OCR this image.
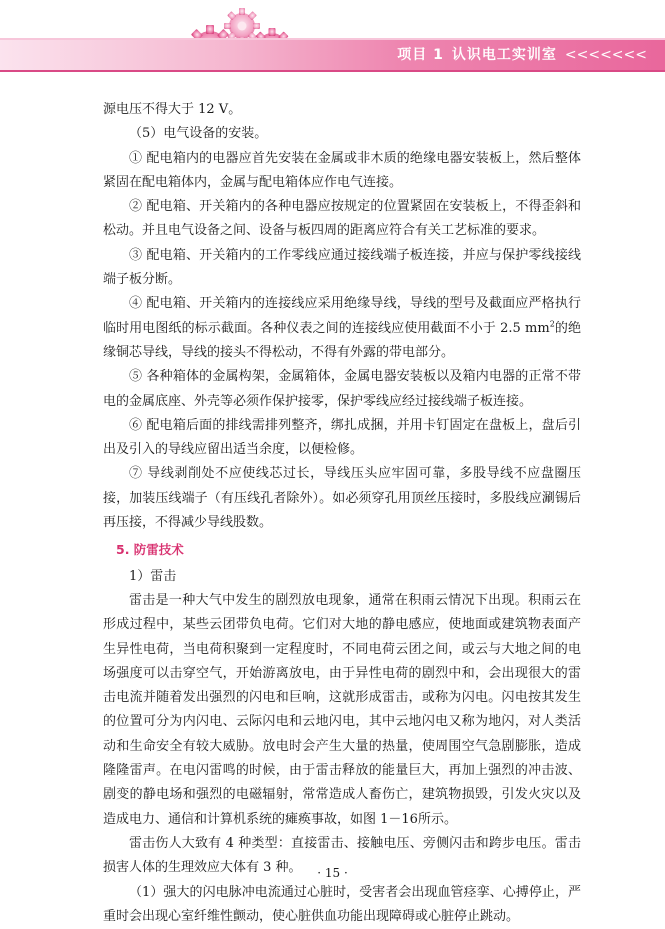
项目 1 认识电工实训室 <<<<<<<

源电压不得大于 12 V。

（5）电气设备的安装。

① 配电箱内的电器应首先安装在金属或非木质的绝缘电器安装板上，然后整体紧固在配电箱体内，金属与配电箱体应作电气连接。

② 配电箱、开关箱内的各种电器应按规定的位置紧固在安装板上，不得歪斜和松动。并且电气设备之间、设备与板四周的距离应符合有关工艺标准的要求。

③ 配电箱、开关箱内的工作零线应通过接线端子板连接，并应与保护零线接线端子板分断。

④ 配电箱、开关箱内的连接线应采用绝缘导线，导线的型号及截面应严格执行临时用电图纸的标示截面。各种仪表之间的连接线应使用截面不小于 2.5 $mm^2$的绝缘铜芯导线，导线的接头不得松动，不得有外露的带电部分。

⑤ 各种箱体的金属构架，金属箱体，金属电器安装板以及箱内电器的正常不带电的金属底座、外壳等必须作保护接零，保护零线应经过接线端子板连接。

⑥ 配电箱后面的排线需排列整齐，绑扎成捆，并用卡钉固定在盘板上，盘后引出及引入的导线应留出适当余度，以便检修。

⑦ 导线剥削处不应使线芯过长，导线压头应牢固可靠，多股导线不应盘圈压接，加装压线端子（有压线孔者除外）。如必须穿孔用顶丝压接时，多股线应涮锡后再压接，不得减少导线股数。

5. 防雷技术

1）雷击

雷击是一种大气中发生的剧烈放电现象，通常在积雨云情况下出现。积雨云在形成过程中，某些云团带负电荷。它们对大地的静电感应，使地面或建筑物表面产生异性电荷，当电荷积聚到一定程度时，不同电荷云团之间，或云与大地之间的电场强度可以击穿空气，开始游离放电，由于异性电荷的剧烈中和，会出现很大的雷击电流并随着发出强烈的闪电和巨响，这就形成雷击，或称为闪电。闪电按其发生的位置可分为内闪电、云际闪电和云地闪电，其中云地闪电又称为地闪，对人类活动和生命安全有较大威胁。放电时会产生大量的热量，使周围空气急剧膨胀，造成隆隆雷声。在电闪雷鸣的时候，由于雷击释放的能量巨大，再加上强烈的冲击波、剧变的静电场和强烈的电磁辐射，常常造成人畜伤亡，建筑物损毁，引发火灾以及造成电力、通信和计算机系统的瘫痪事故，如图 1－16所示。

雷击伤人大致有 4 种类型：直接雷击、接触电压、旁侧闪击和跨步电压。雷击损害人体的生理效应大体有 3 种。

（1）强大的闪电脉冲电流通过心脏时，受害者会出现血管痉挛、心搏停止，严重时会出现心室纤维性颤动，使心脏供血功能出现障碍或心脏停止跳动。

· 15 ·
